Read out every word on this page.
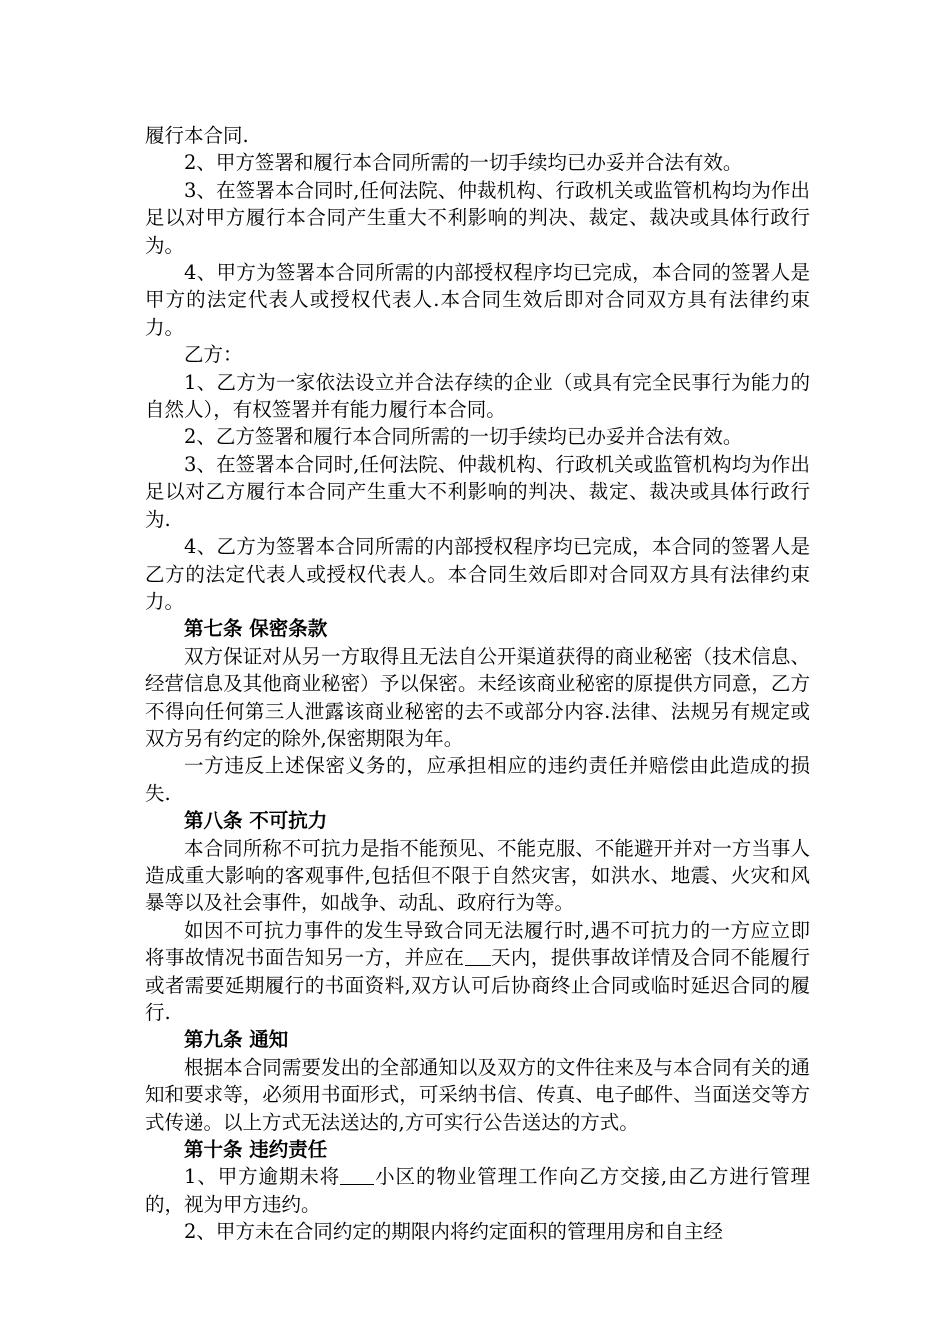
履行本合同.

2、甲方签署和履行本合同所需的一切手续均已办妥并合法有效。

3、在签署本合同时,任何法院、仲裁机构、行政机关或监管机构均为作出足以对甲方履行本合同产生重大不利影响的判决、裁定、裁决或具体行政行为。

4、甲方为签署本合同所需的内部授权程序均已完成，本合同的签署人是甲方的法定代表人或授权代表人.本合同生效后即对合同双方具有法律约束力。

乙方：

1、乙方为一家依法设立并合法存续的企业（或具有完全民事行为能力的自然人），有权签署并有能力履行本合同。

2、乙方签署和履行本合同所需的一切手续均已办妥并合法有效。

3、在签署本合同时,任何法院、仲裁机构、行政机关或监管机构均为作出足以对乙方履行本合同产生重大不利影响的判决、裁定、裁决或具体行政行为.

4、乙方为签署本合同所需的内部授权程序均已完成，本合同的签署人是乙方的法定代表人或授权代表人。本合同生效后即对合同双方具有法律约束力。

第七条 保密条款

双方保证对从另一方取得且无法自公开渠道获得的商业秘密（技术信息、经营信息及其他商业秘密）予以保密。未经该商业秘密的原提供方同意，乙方不得向任何第三人泄露该商业秘密的去不或部分内容.法律、法规另有规定或双方另有约定的除外,保密期限为年。

一方违反上述保密义务的，应承担相应的违约责任并赔偿由此造成的损失.

第八条 不可抗力

本合同所称不可抗力是指不能预见、不能克服、不能避开并对一方当事人造成重大影响的客观事件,包括但不限于自然灾害，如洪水、地震、火灾和风暴等以及社会事件，如战争、动乱、政府行为等。

如因不可抗力事件的发生导致合同无法履行时,遇不可抗力的一方应立即将事故情况书面告知另一方，并应在 天内，提供事故详情及合同不能履行或者需要延期履行的书面资料,双方认可后协商终止合同或临时延迟合同的履行.

第九条 通知

根据本合同需要发出的全部通知以及双方的文件往来及与本合同有关的通知和要求等，必须用书面形式，可采纳书信、传真、电子邮件、当面送交等方式传递。以上方式无法送达的,方可实行公告送达的方式。

第十条 违约责任

1、甲方逾期未将 小区的物业管理工作向乙方交接,由乙方进行管理的，视为甲方违约。

2、甲方未在合同约定的期限内将约定面积的管理用房和自主经
